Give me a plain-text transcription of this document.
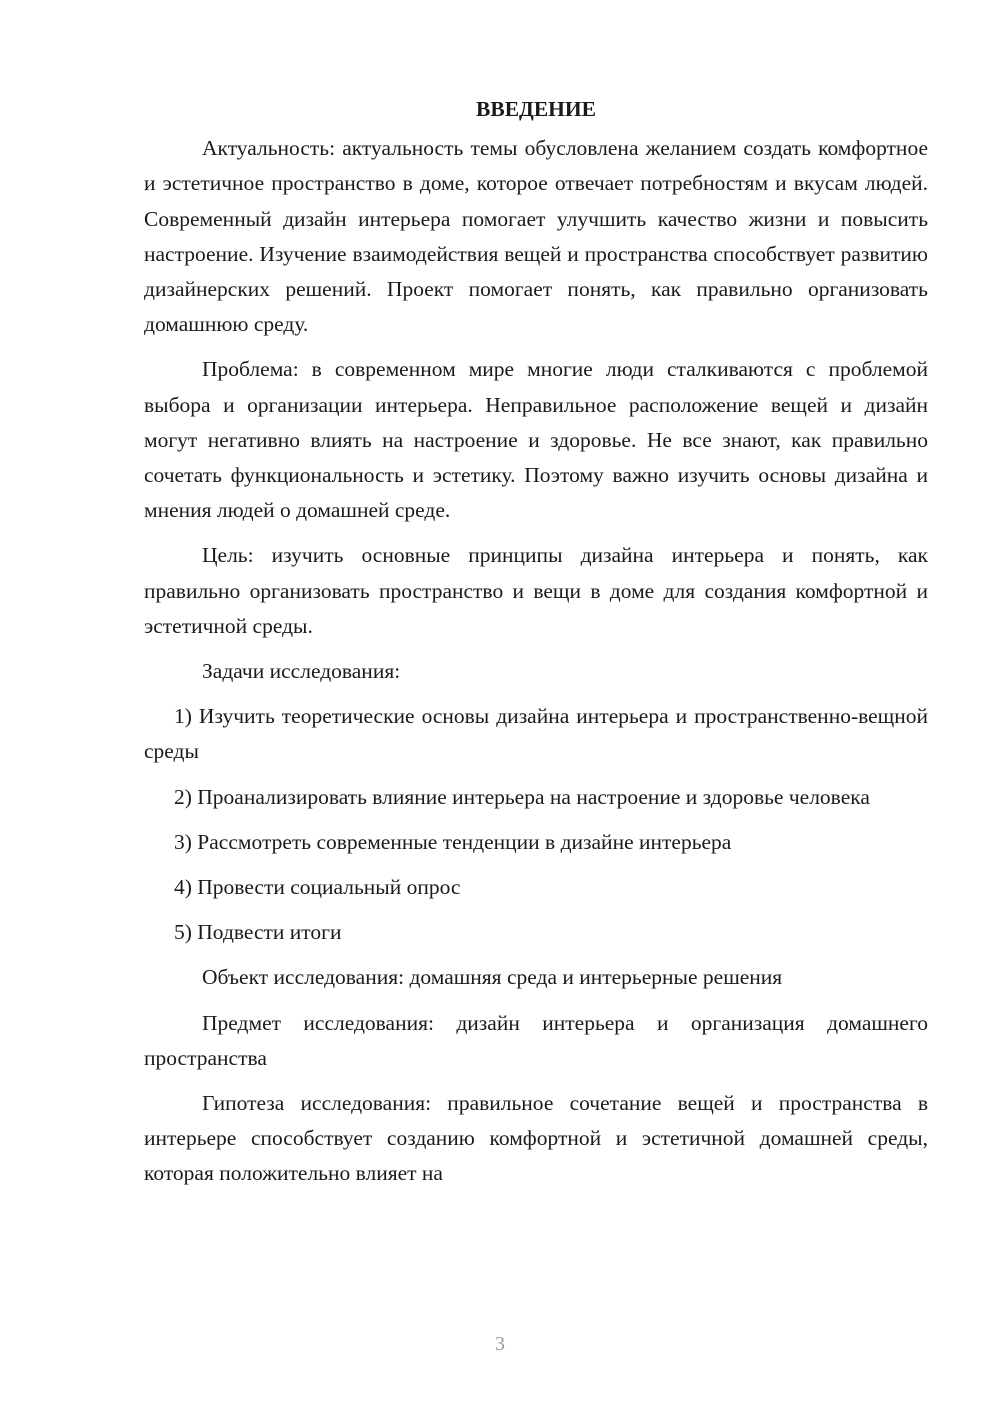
ВВЕДЕНИЕ

Актуальность: актуальность темы обусловлена желанием создать комфортное и эстетичное пространство в доме, которое отвечает потребностям и вкусам людей. Современный дизайн интерьера помогает улучшить качество жизни и повысить настроение. Изучение взаимодействия вещей и пространства способствует развитию дизайнерских решений. Проект помогает понять, как правильно организовать домашнюю среду.

Проблема: в современном мире многие люди сталкиваются с проблемой выбора и организации интерьера. Неправильное расположение вещей и дизайн могут негативно влиять на настроение и здоровье. Не все знают, как правильно сочетать функциональность и эстетику. Поэтому важно изучить основы дизайна и мнения людей о домашней среде.

Цель: изучить основные принципы дизайна интерьера и понять, как правильно организовать пространство и вещи в доме для создания комфортной и эстетичной среды.

Задачи исследования:

1) Изучить теоретические основы дизайна интерьера и пространственно-вещной среды

2) Проанализировать влияние интерьера на настроение и здоровье человека

3) Рассмотреть современные тенденции в дизайне интерьера

4) Провести социальный опрос

5) Подвести итоги

Объект исследования: домашняя среда и интерьерные решения

Предмет исследования: дизайн интерьера и организация домашнего пространства

Гипотеза исследования: правильное сочетание вещей и пространства в интерьере способствует созданию комфортной и эстетичной домашней среды, которая положительно влияет на

3
